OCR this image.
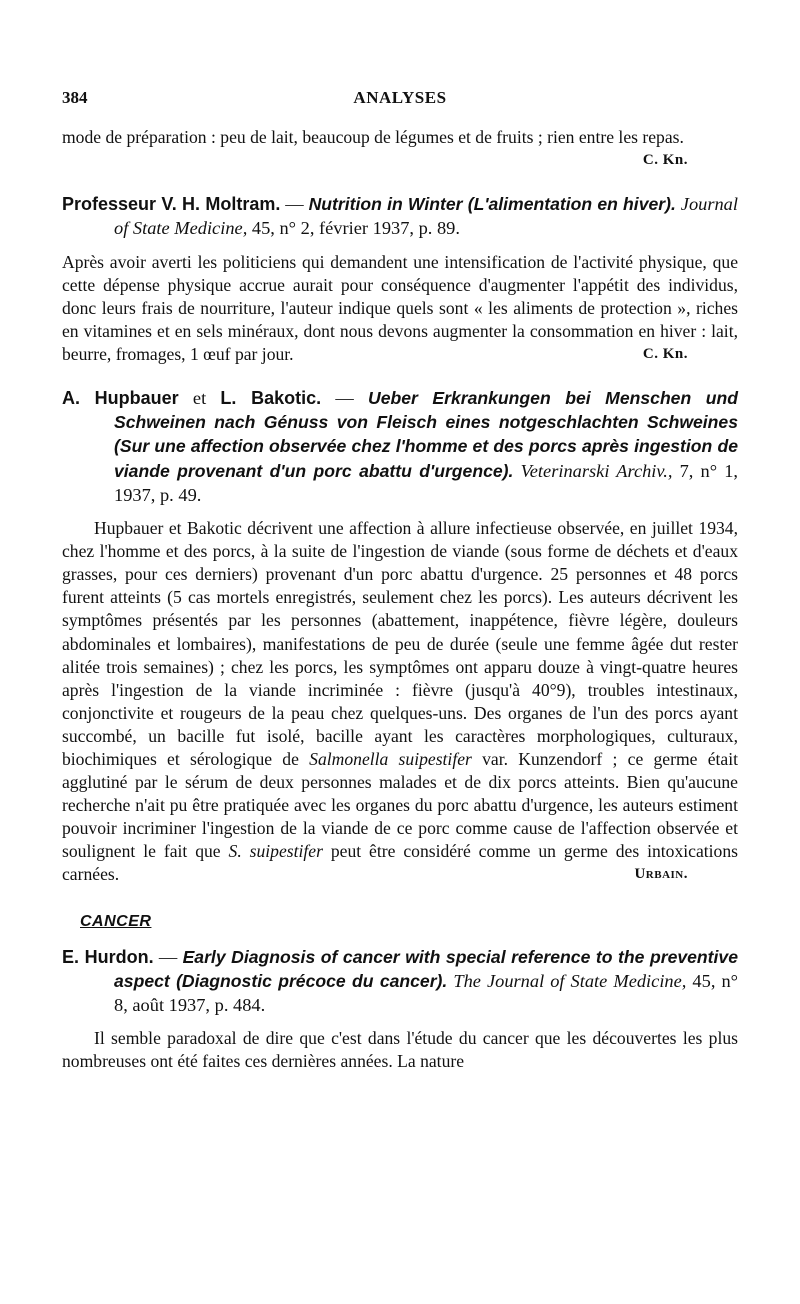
384	ANALYSES
mode de préparation : peu de lait, beaucoup de légumes et de fruits ; rien entre les repas.
C. Kn.

Professeur V. H. Moltram. — Nutrition in Winter (L'alimentation en hiver). Journal of State Medicine, 45, n° 2, février 1937, p. 89.

Après avoir averti les politiciens qui demandent une intensification de l'activité physique, que cette dépense physique accrue aurait pour conséquence d'augmenter l'appétit des individus, donc leurs frais de nourriture, l'auteur indique quels sont « les aliments de protection », riches en vitamines et en sels minéraux, dont nous devons augmenter la consommation en hiver : lait, beurre, fromages, 1 œuf par jour.	C. Kn.

A. Hupbauer et L. Bakotic. — Ueber Erkrankungen bei Menschen und Schweinen nach Génuss von Fleisch eines notgeschlachten Schweines (Sur une affection observée chez l'homme et des porcs après ingestion de viande provenant d'un porc abattu d'urgence). Veterinarski Archiv., 7, n° 1, 1937, p. 49.

Hupbauer et Bakotic décrivent une affection à allure infectieuse observée, en juillet 1934, chez l'homme et des porcs, à la suite de l'ingestion de viande (sous forme de déchets et d'eaux grasses, pour ces derniers) provenant d'un porc abattu d'urgence. 25 personnes et 48 porcs furent atteints (5 cas mortels enregistrés, seulement chez les porcs). Les auteurs décrivent les symptômes présentés par les personnes (abattement, inappétence, fièvre légère, douleurs abdominales et lombaires), manifestations de peu de durée (seule une femme âgée dut rester alitée trois semaines) ; chez les porcs, les symptômes ont apparu douze à vingt-quatre heures après l'ingestion de la viande incriminée : fièvre (jusqu'à 40°9), troubles intestinaux, conjonctivite et rougeurs de la peau chez quelques-uns. Des organes de l'un des porcs ayant succombé, un bacille fut isolé, bacille ayant les caractères morphologiques, culturaux, biochimiques et sérologique de Salmonella suipestifer var. Kunzendorf ; ce germe était agglutiné par le sérum de deux personnes malades et de dix porcs atteints. Bien qu'aucune recherche n'ait pu être pratiquée avec les organes du porc abattu d'urgence, les auteurs estiment pouvoir incriminer l'ingestion de la viande de ce porc comme cause de l'affection observée et soulignent le fait que S. suipestifer peut être considéré comme un germe des intoxications carnées.	Urbain.

CANCER

E. Hurdon. — Early Diagnosis of cancer with special reference to the preventive aspect (Diagnostic précoce du cancer). The Journal of State Medicine, 45, n° 8, août 1937, p. 484.

Il semble paradoxal de dire que c'est dans l'étude du cancer que les découvertes les plus nombreuses ont été faites ces dernières années. La nature
